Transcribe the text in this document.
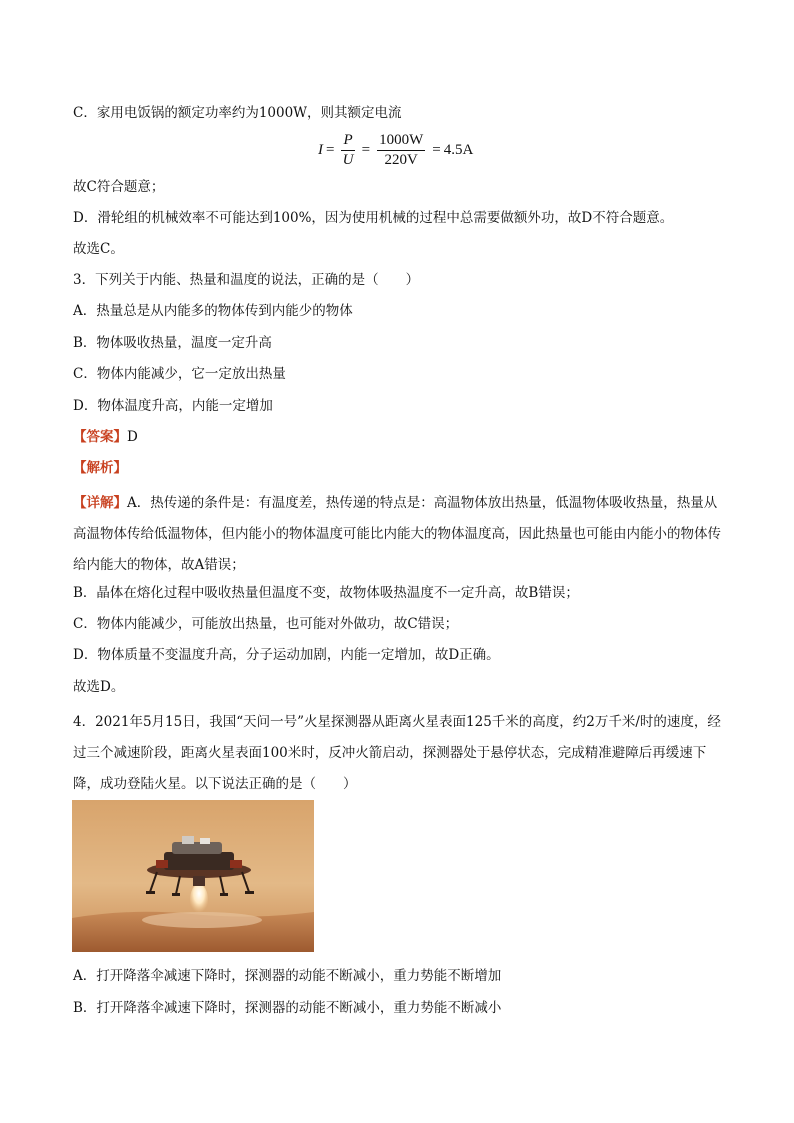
C．家用电饭锅的额定功率约为1000W，则其额定电流
$I = \frac{P}{U} = \frac{1000W}{220V} = 4.5A$
故C符合题意；
D．滑轮组的机械效率不可能达到100%，因为使用机械的过程中总需要做额外功，故D不符合题意。
故选C。
3．下列关于内能、热量和温度的说法，正确的是（　　）
A．热量总是从内能多的物体传到内能少的物体
B．物体吸收热量，温度一定升高
C．物体内能减少，它一定放出热量
D．物体温度升高，内能一定增加
【答案】D
【解析】
【详解】A．热传递的条件是：有温度差，热传递的特点是：高温物体放出热量，低温物体吸收热量，热量从高温物体传给低温物体，但内能小的物体温度可能比内能大的物体温度高，因此热量也可能由内能小的物体传给内能大的物体，故A错误；
B．晶体在熔化过程中吸收热量但温度不变，故物体吸热温度不一定升高，故B错误；
C．物体内能减少，可能放出热量，也可能对外做功，故C错误；
D．物体质量不变温度升高，分子运动加剧，内能一定增加，故D正确。
故选D。
4．2021年5月15日，我国“天问一号”火星探测器从距离火星表面125千米的高度，约2万千米/时的速度，经过三个减速阶段，距离火星表面100米时，反冲火箭启动，探测器处于悬停状态，完成精准避障后再缓速下降，成功登陆火星。以下说法正确的是（　　）
A．打开降落伞减速下降时，探测器的动能不断减小，重力势能不断增加
B．打开降落伞减速下降时，探测器的动能不断减小，重力势能不断减小
